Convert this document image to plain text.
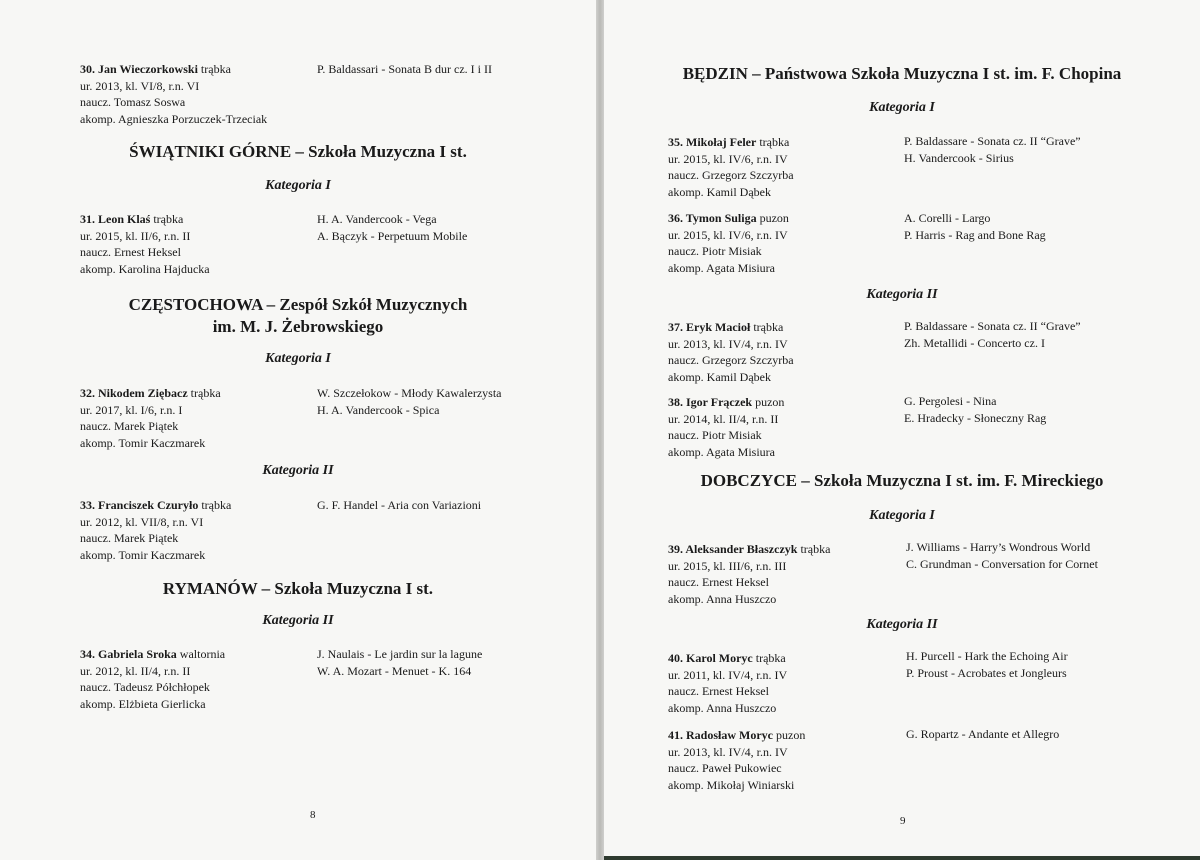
30. Jan Wieczorkowski trąbka
ur. 2013, kl. VI/8, r.n. VI
naucz. Tomasz Soswa
akomp. Agnieszka Porzuczek-Trzeciak
P. Baldassari - Sonata B dur cz. I i II
ŚWIĄTNIKI GÓRNE – Szkoła Muzyczna I st.
Kategoria I
31. Leon Klaś trąbka
ur. 2015, kl. II/6, r.n. II
naucz. Ernest Heksel
akomp. Karolina Hajducka
H. A. Vandercook - Vega
A. Bączyk - Perpetuum Mobile
CZĘSTOCHOWA – Zespół Szkół Muzycznych
im. M. J. Żebrowskiego
Kategoria I
32. Nikodem Ziębacz trąbka
ur. 2017, kl. I/6, r.n. I
naucz. Marek Piątek
akomp. Tomir Kaczmarek
W. Szczełokow - Młody Kawalerzysta
H. A. Vandercook - Spica
Kategoria II
33. Franciszek Czuryło trąbka
ur. 2012, kl. VII/8, r.n. VI
naucz. Marek Piątek
akomp. Tomir Kaczmarek
G. F. Handel - Aria con Variazioni
RYMANÓW – Szkoła Muzyczna I st.
Kategoria II
34. Gabriela Sroka waltornia
ur. 2012, kl. II/4, r.n. II
naucz. Tadeusz Półchłopek
akomp. Elżbieta Gierlicka
J. Naulais - Le jardin sur la lagune
W. A. Mozart - Menuet - K. 164
8
BĘDZIN – Państwowa Szkoła Muzyczna I st. im. F. Chopina
Kategoria I
35. Mikołaj Feler trąbka
ur. 2015, kl. IV/6, r.n. IV
naucz. Grzegorz Szczyrba
akomp. Kamil Dąbek
P. Baldassare - Sonata cz. II “Grave”
H. Vandercook - Sirius
36. Tymon Suliga puzon
ur. 2015, kl. IV/6, r.n. IV
naucz. Piotr Misiak
akomp. Agata Misiura
A. Corelli - Largo
P. Harris - Rag and Bone Rag
Kategoria II
37. Eryk Macioł trąbka
ur. 2013, kl. IV/4, r.n. IV
naucz. Grzegorz Szczyrba
akomp. Kamil Dąbek
P. Baldassare - Sonata cz. II “Grave”
Zh. Metallidi - Concerto cz. I
38. Igor Frączek puzon
ur. 2014, kl. II/4, r.n. II
naucz. Piotr Misiak
akomp. Agata Misiura
G. Pergolesi - Nina
E. Hradecky - Słoneczny Rag
DOBCZYCE – Szkoła Muzyczna I st. im. F. Mireckiego
Kategoria I
39. Aleksander Błaszczyk trąbka
ur. 2015, kl. III/6, r.n. III
naucz. Ernest Heksel
akomp. Anna Huszczo
J. Williams - Harry’s Wondrous World
C. Grundman - Conversation for Cornet
Kategoria II
40. Karol Moryc trąbka
ur. 2011, kl. IV/4, r.n. IV
naucz. Ernest Heksel
akomp. Anna Huszczo
H. Purcell - Hark the Echoing Air
P. Proust - Acrobates et Jongleurs
41. Radosław Moryc puzon
ur. 2013, kl. IV/4, r.n. IV
naucz. Paweł Pukowiec
akomp. Mikołaj Winiarski
G. Ropartz - Andante et Allegro
9
